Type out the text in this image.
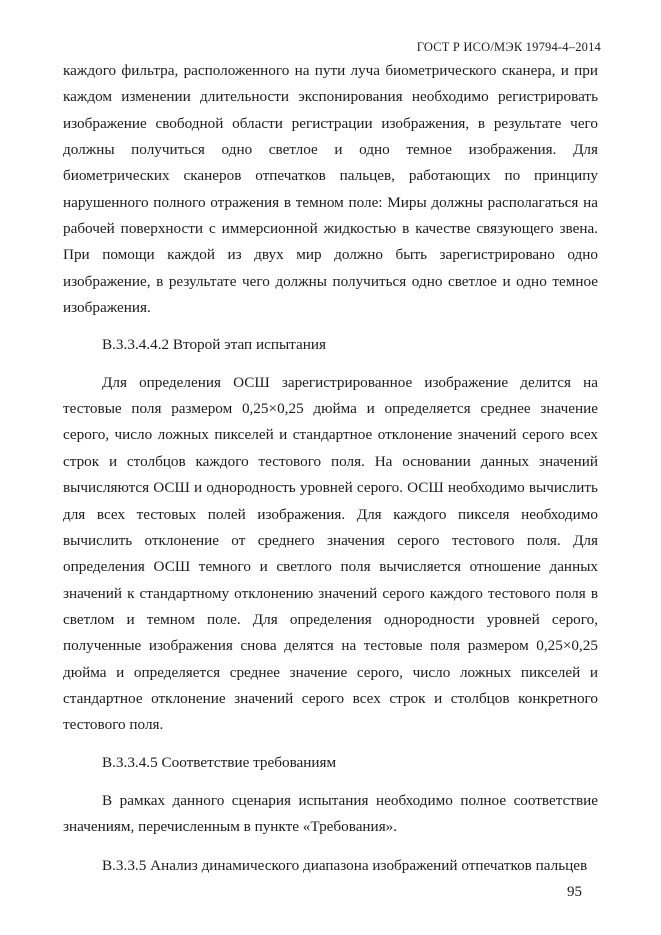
ГОСТ Р ИСО/МЭК 19794-4–2014

каждого фильтра, расположенного на пути луча биометрического сканера, и при каждом изменении длительности экспонирования необходимо регистрировать изображение свободной области регистрации изображения, в результате чего должны получиться одно светлое и одно темное изображения. Для биометрических сканеров отпечатков пальцев, работающих по принципу нарушенного полного отражения в темном поле: Миры должны располагаться на рабочей поверхности с иммерсионной жидкостью в качестве связующего звена. При помощи каждой из двух мир должно быть зарегистрировано одно изображение, в результате чего должны получиться одно светлое и одно темное изображения.

B.3.3.4.4.2 Второй этап испытания

Для определения ОСШ зарегистрированное изображение делится на тестовые поля размером 0,25×0,25 дюйма и определяется среднее значение серого, число ложных пикселей и стандартное отклонение значений серого всех строк и столбцов каждого тестового поля. На основании данных значений вычисляются ОСШ и однородность уровней серого. ОСШ необходимо вычислить для всех тестовых полей изображения. Для каждого пикселя необходимо вычислить отклонение от среднего значения серого тестового поля. Для определения ОСШ темного и светлого поля вычисляется отношение данных значений к стандартному отклонению значений серого каждого тестового поля в светлом и темном поле. Для определения однородности уровней серого, полученные изображения снова делятся на тестовые поля размером 0,25×0,25 дюйма и определяется среднее значение серого, число ложных пикселей и стандартное отклонение значений серого всех строк и столбцов конкретного тестового поля.

B.3.3.4.5 Соответствие требованиям

В рамках данного сценария испытания необходимо полное соответствие значениям, перечисленным в пункте «Требования».

B.3.3.5 Анализ динамического диапазона изображений отпечатков пальцев

95
